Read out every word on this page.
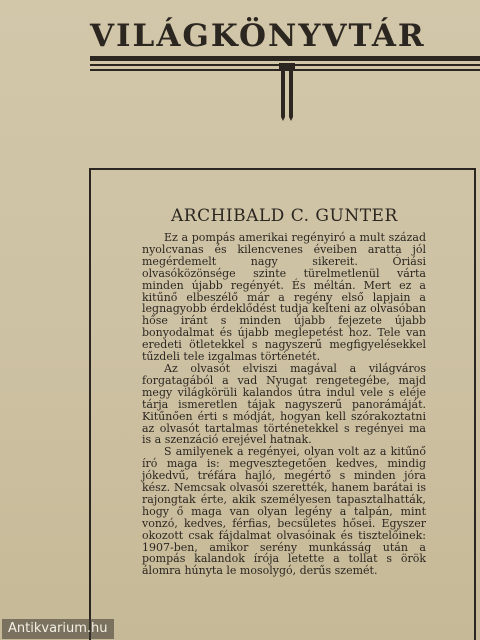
VILÁGKÖNYVTÁR
ARCHIBALD C. GUNTER

Ez a pompás amerikai regényiró a mult század nyolcvanas és kilencvenes éveiben aratta jól megérdemelt nagy sikereit. Óriási olvasóközönsége szinte türelmetlenül várta minden újabb regényét. És méltán. Mert ez a kitűnő elbeszélő már a regény első lapjain a legnagyobb érdeklődést tudja kelteni az olvasóban hőse iránt s minden újabb fejezete újabb bonyodalmat és újabb meglepetést hoz. Tele van eredeti ötletekkel s nagyszerű megfigyelésekkel tűzdeli tele izgalmas történetét.

Az olvasót elviszi magával a világváros forgatagából a vad Nyugat rengetegébe, majd megy világkörüli kalandos útra indul vele s eléje tárja ismeretlen tájak nagyszerű panorámáját. Kitűnően érti s módját, hogyan kell szórakoztatni az olvasót tartalmas történetekkel s regényei ma is a szenzáció erejével hatnak.

S amilyenek a regényei, olyan volt az a kitűnő író maga is: megvesztegetően kedves, mindig jókedvű, tréfára hajló, megértő s minden jóra kész. Nemcsak olvasói szerették, hanem barátai is rajongtak érte, akik személyesen tapasztalhatták, hogy ő maga van olyan legény a talpán, mint vonzó, kedves, férfias, becsületes hősei. Egyszer okozott csak fájdalmat olvasóinak és tisztelőinek: 1907-ben, amikor serény munkásság után a pompás kalandok írója letette a tollat s örök álomra húnyta le mosolygó, derűs szemét.

Antikvarium.hu
